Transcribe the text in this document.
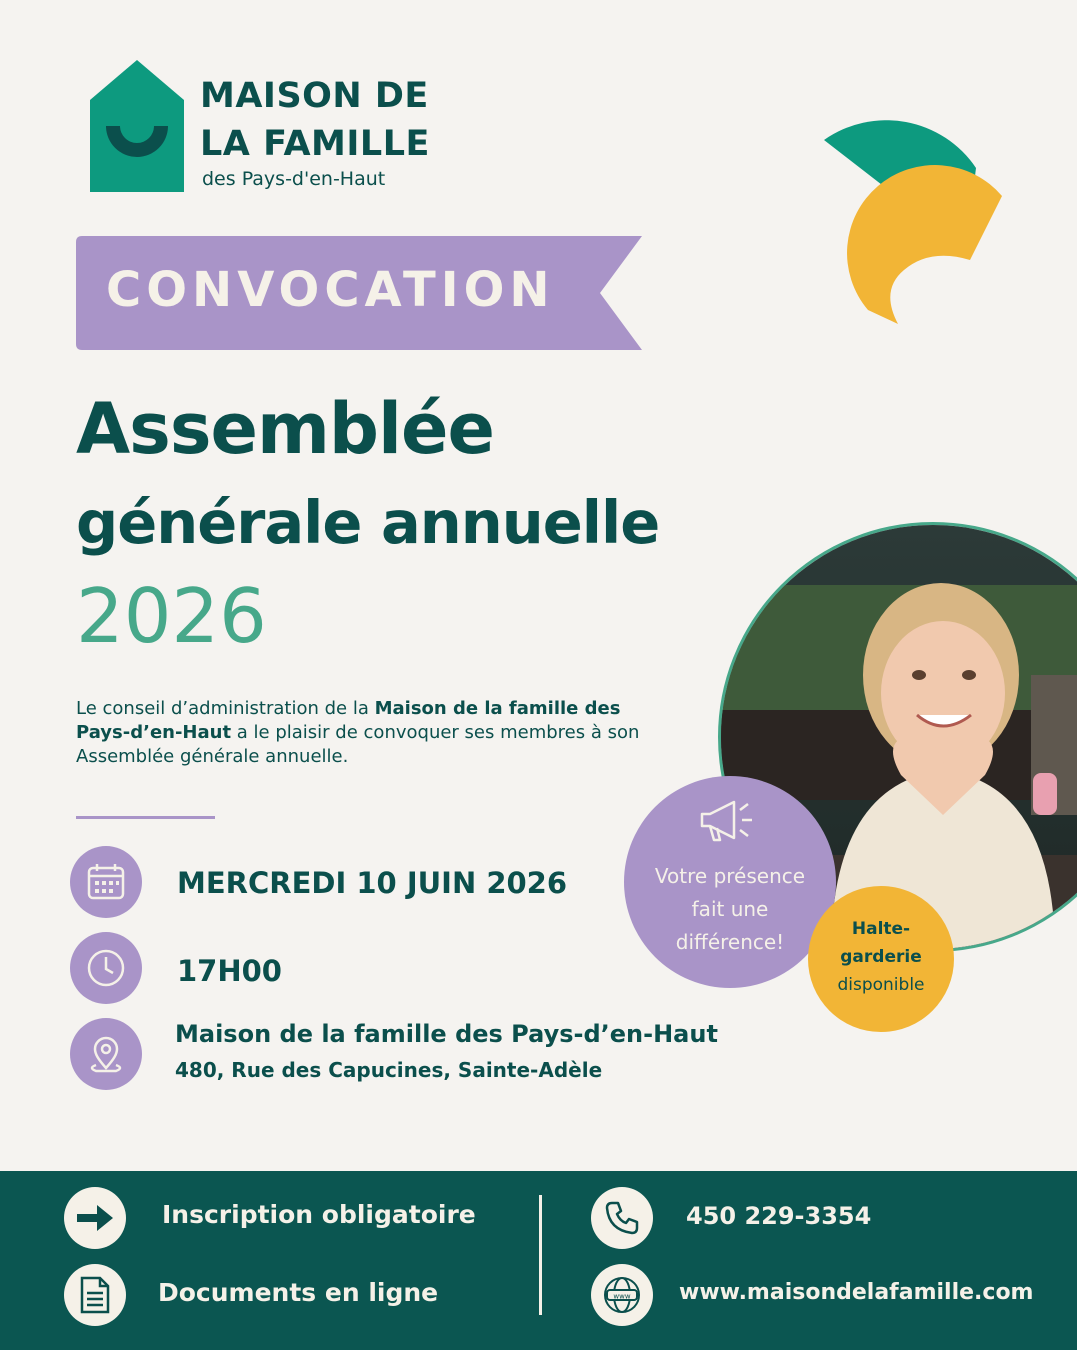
MAISON DE
LA FAMILLE
des Pays-d'en-Haut
CONVOCATION
Assemblée
générale annuelle
2026
Le conseil d’administration de la Maison de la famille des Pays-d’en-Haut a le plaisir de convoquer ses membres à son Assemblée générale annuelle.
MERCREDI 10 JUIN 2026
17H00
Maison de la famille des Pays-d’en-Haut
480, Rue des Capucines, Sainte-Adèle
Votre présence
fait une
différence!
Halte-
garderie
disponible
Inscription obligatoire
Documents en ligne
450 229-3354
www www.maisondelafamille.com
